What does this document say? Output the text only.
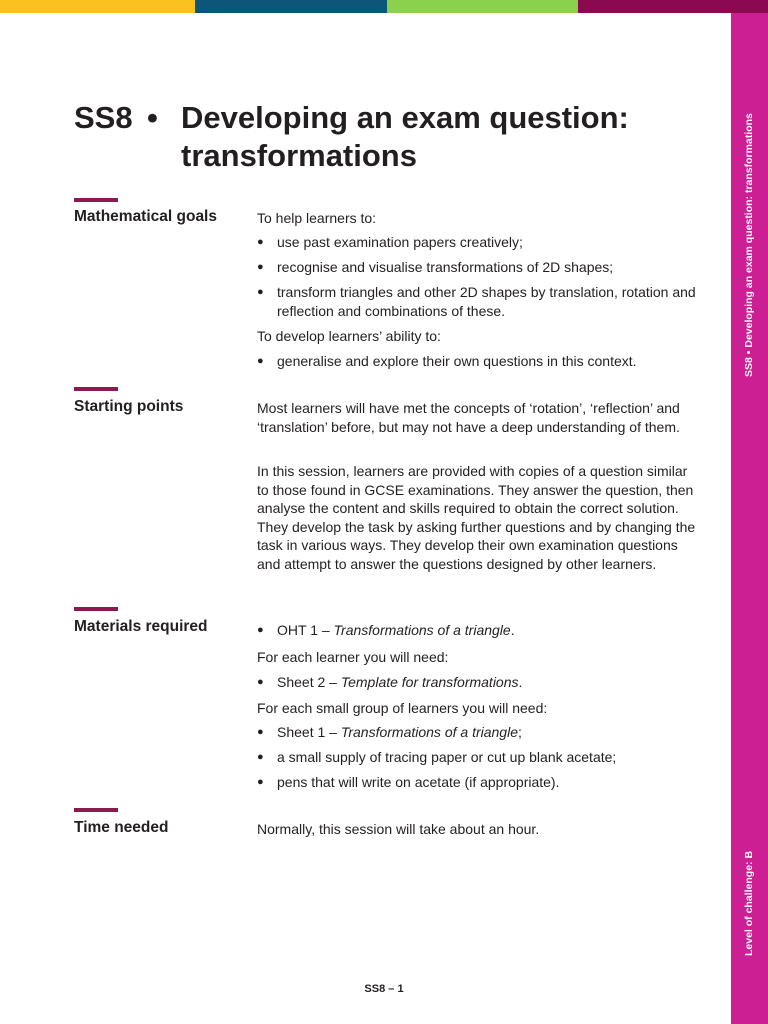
SS8 • Developing an exam question: transformations
Level of challenge: B
SS8 • Developing an exam question: transformations
Mathematical goals	To help learners to:
● use past examination papers creatively;
● recognise and visualise transformations of 2D shapes;
● transform triangles and other 2D shapes by translation, rotation and reflection and combinations of these.
To develop learners’ ability to:
● generalise and explore their own questions in this context.
Starting points	Most learners will have met the concepts of ‘rotation’, ‘reflection’ and ‘translation’ before, but may not have a deep understanding of them.
In this session, learners are provided with copies of a question similar to those found in GCSE examinations. They answer the question, then analyse the content and skills required to obtain the correct solution. They develop the task by asking further questions and by changing the task in various ways. They develop their own examination questions and attempt to answer the questions designed by other learners.
Materials required	● OHT 1 – Transformations of a triangle.
For each learner you will need:
● Sheet 2 – Template for transformations.
For each small group of learners you will need:
● Sheet 1 – Transformations of a triangle;
● a small supply of tracing paper or cut up blank acetate;
● pens that will write on acetate (if appropriate).
Time needed	Normally, this session will take about an hour.
SS8 – 1
